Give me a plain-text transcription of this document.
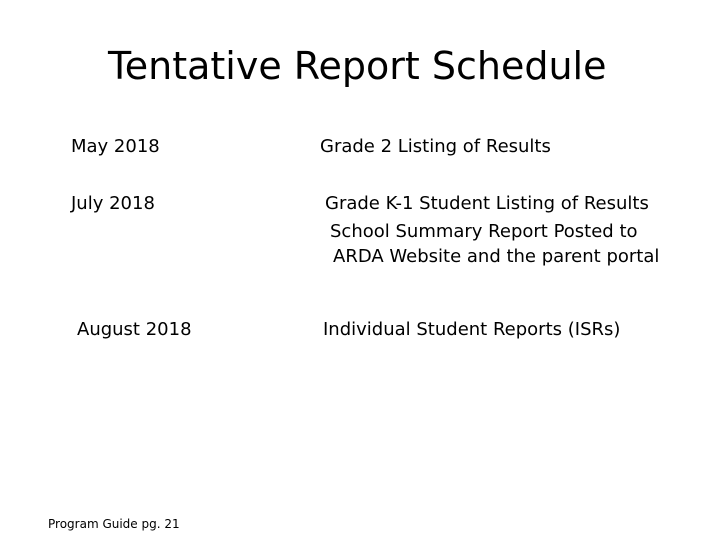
Tentative Report Schedule
May 2018	Grade 2 Listing of Results
July 2018	Grade K-1 Student Listing of Results
School Summary Report Posted to
ARDA Website and the parent portal
August 2018	Individual Student Reports (ISRs)
Program Guide pg. 21
